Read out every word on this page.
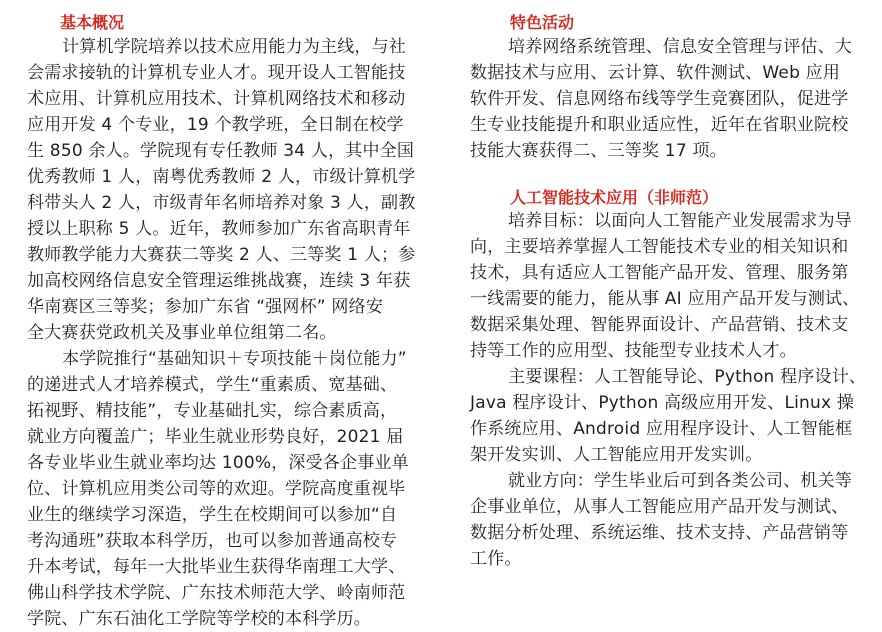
基本概况
计算机学院培养以技术应用能力为主线，与社
会需求接轨的计算机专业人才。现开设人工智能技
术应用、计算机应用技术、计算机网络技术和移动
应用开发 4 个专业，19 个教学班，全日制在校学
生 850 余人。学院现有专任教师 34 人，其中全国
优秀教师 1 人，南粤优秀教师 2 人，市级计算机学
科带头人 2 人，市级青年名师培养对象 3 人，副教
授以上职称 5 人。近年，教师参加广东省高职青年
教师教学能力大赛获二等奖 2 人、三等奖 1 人；参
加高校网络信息安全管理运维挑战赛，连续 3 年获
华南赛区三等奖；参加广东省 “强网杯” 网络安
全大赛获党政机关及事业单位组第二名。
本学院推行“基础知识＋专项技能＋岗位能力”
的递进式人才培养模式，学生“重素质、宽基础、
拓视野、精技能”，专业基础扎实，综合素质高，
就业方向覆盖广；毕业生就业形势良好，2021 届
各专业毕业生就业率均达 100%，深受各企事业单
位、计算机应用类公司等的欢迎。学院高度重视毕
业生的继续学习深造，学生在校期间可以参加“自
考沟通班”获取本科学历，也可以参加普通高校专
升本考试，每年一大批毕业生获得华南理工大学、
佛山科学技术学院、广东技术师范大学、岭南师范
学院、广东石油化工学院等学校的本科学历。
特色活动
培养网络系统管理、信息安全管理与评估、大
数据技术与应用、云计算、软件测试、Web 应用
软件开发、信息网络布线等学生竞赛团队，促进学
生专业技能提升和职业适应性，近年在省职业院校
技能大赛获得二、三等奖 17 项。
人工智能技术应用（非师范）
培养目标：以面向人工智能产业发展需求为导
向，主要培养掌握人工智能技术专业的相关知识和
技术，具有适应人工智能产品开发、管理、服务第
一线需要的能力，能从事 AI 应用产品开发与测试、
数据采集处理、智能界面设计、产品营销、技术支
持等工作的应用型、技能型专业技术人才。
主要课程：人工智能导论、Python 程序设计、
Java 程序设计、Python 高级应用开发、Linux 操
作系统应用、Android 应用程序设计、人工智能框
架开发实训、人工智能应用开发实训。
就业方向：学生毕业后可到各类公司、机关等
企事业单位，从事人工智能应用产品开发与测试、
数据分析处理、系统运维、技术支持、产品营销等
工作。
